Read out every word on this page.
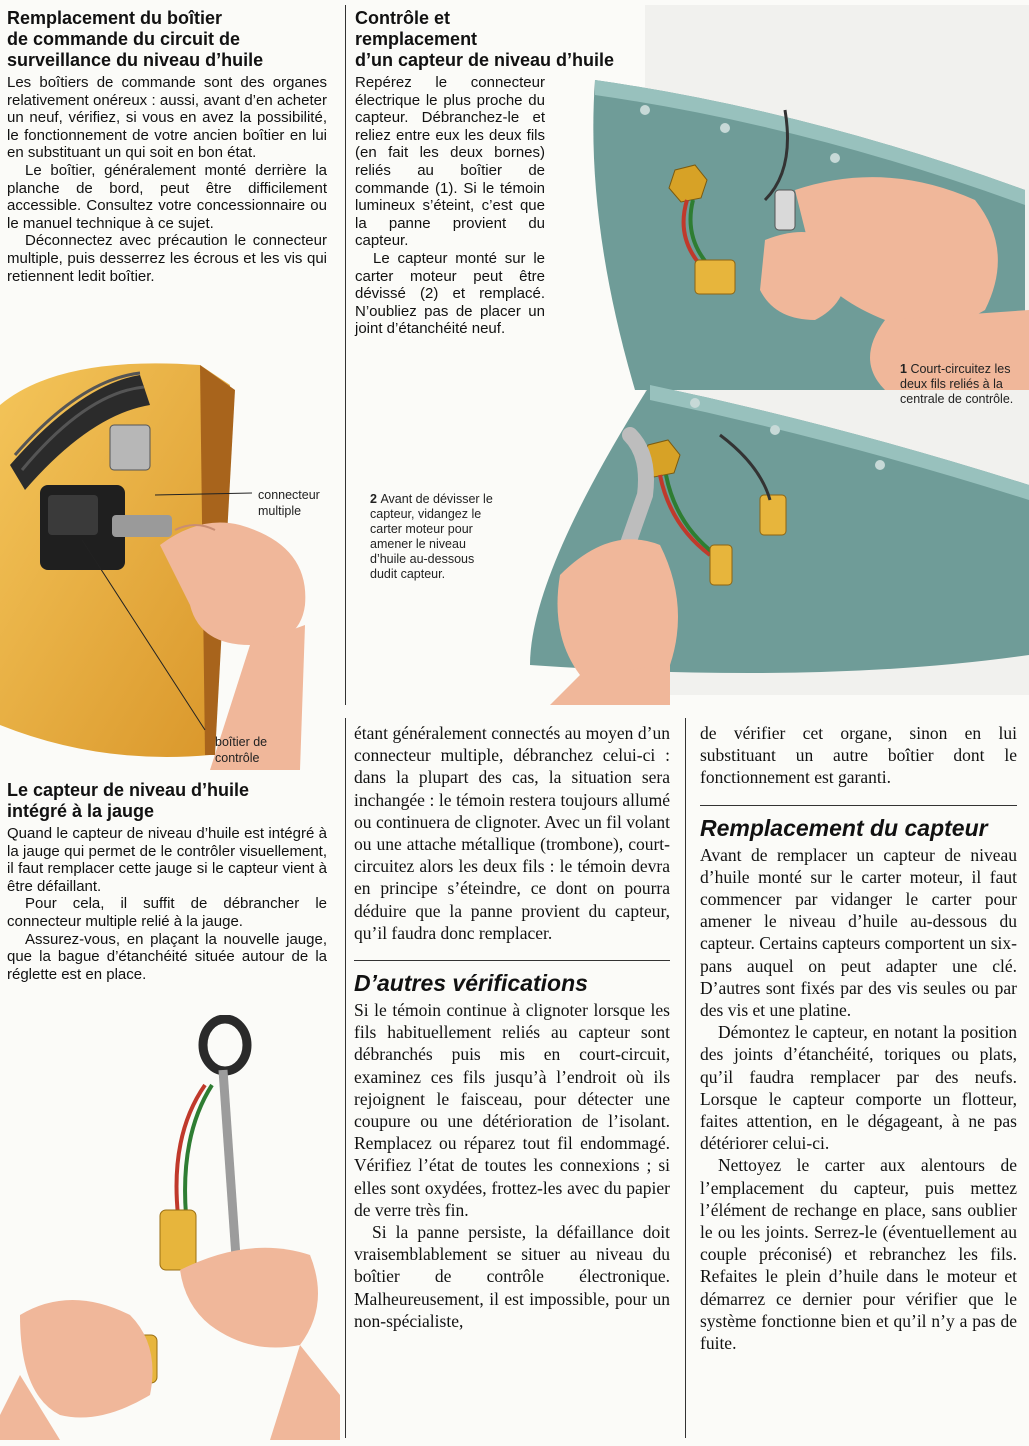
Remplacement du boîtier

de commande du circuit de

surveillance du niveau d’huile

Les boîtiers de commande sont des organes relativement onéreux : aussi, avant d’en acheter un neuf, vérifiez, si vous en avez la possibilité, le fonctionnement de votre ancien boîtier en lui en substituant un qui soit en bon état.

Le boîtier, généralement monté derrière la planche de bord, peut être difficilement accessible. Consultez votre concessionnaire ou le manuel technique à ce sujet.

Déconnectez avec précaution le connecteur multiple, puis desserrez les écrous et les vis qui retiennent ledit boîtier.

connecteur

multiple

boîtier de

contrôle

Le capteur de niveau d’huile

intégré à la jauge

Quand le capteur de niveau d’huile est intégré à la jauge qui permet de le contrôler visuellement, il faut remplacer cette jauge si le capteur vient à être défaillant.

Pour cela, il suffit de débrancher le connecteur multiple relié à la jauge.

Assurez-vous, en plaçant la nouvelle jauge, que la bague d’étanchéité située autour de la réglette est en place.

Contrôle et remplacement

d’un capteur de niveau d’huile

Repérez le connecteur électrique le plus proche du capteur. Débranchez-le et reliez entre eux les deux fils (en fait les deux bornes) reliés au boîtier de commande (1). Si le témoin lumineux s’éteint, c’est que la panne provient du capteur.

Le capteur monté sur le carter moteur peut être dévissé (2) et remplacé. N’oubliez pas de placer un joint d’étanchéité neuf.

1 Court-circuitez les deux fils reliés à la centrale de contrôle.

2 Avant de dévisser le capteur, vidangez le carter moteur pour amener le niveau d’huile au-dessous dudit capteur.

étant généralement connectés au moyen d’un connecteur multiple, débranchez celui-ci : dans la plupart des cas, la situation sera inchangée : le témoin restera toujours allumé ou continuera de clignoter. Avec un fil volant ou une attache métallique (trombone), court-circuitez alors les deux fils : le témoin devra en principe s’éteindre, ce dont on pourra déduire que la panne provient du capteur, qu’il faudra donc remplacer.

D’autres vérifications

Si le témoin continue à clignoter lorsque les fils habituellement reliés au capteur sont débranchés puis mis en court-circuit, examinez ces fils jusqu’à l’endroit où ils rejoignent le faisceau, pour détecter une coupure ou une détérioration de l’isolant. Remplacez ou réparez tout fil endommagé. Vérifiez l’état de toutes les connexions ; si elles sont oxydées, frottez-les avec du papier de verre très fin.

Si la panne persiste, la défaillance doit vraisemblablement se situer au niveau du boîtier de contrôle électronique. Malheureusement, il est impossible, pour un non-spécialiste,

de vérifier cet organe, sinon en lui substituant un autre boîtier dont le fonctionnement est garanti.

Remplacement du capteur

Avant de remplacer un capteur de niveau d’huile monté sur le carter moteur, il faut commencer par vidanger le carter pour amener le niveau d’huile au-dessous du capteur. Certains capteurs comportent un six-pans auquel on peut adapter une clé. D’autres sont fixés par des vis seules ou par des vis et une platine.

Démontez le capteur, en notant la position des joints d’étanchéité, toriques ou plats, qu’il faudra remplacer par des neufs. Lorsque le capteur comporte un flotteur, faites attention, en le dégageant, à ne pas détériorer celui-ci.

Nettoyez le carter aux alentours de l’emplacement du capteur, puis mettez l’élément de rechange en place, sans oublier le ou les joints. Serrez-le (éventuellement au couple préconisé) et rebranchez les fils. Refaites le plein d’huile dans le moteur et démarrez ce dernier pour vérifier que le système fonctionne bien et qu’il n’y a pas de fuite.
